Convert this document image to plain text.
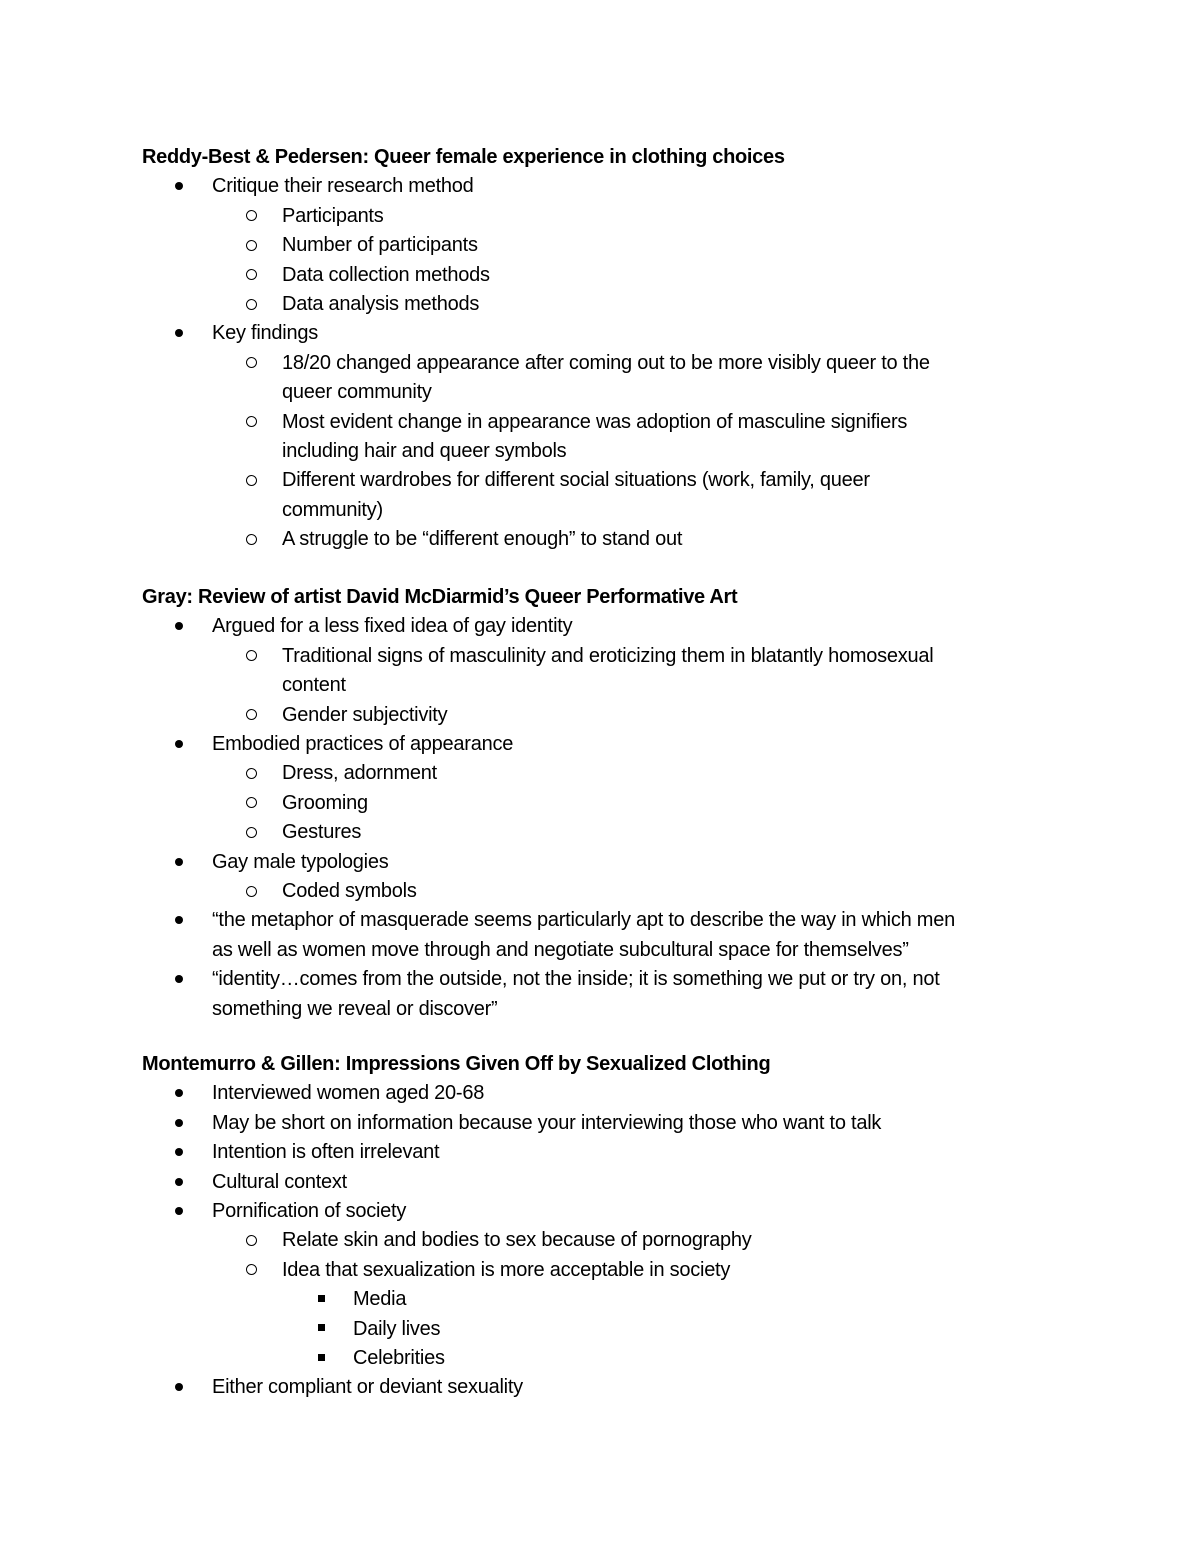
Reddy-Best & Pedersen: Queer female experience in clothing choices
Critique their research method
Participants
Number of participants
Data collection methods
Data analysis methods
Key findings
18/20 changed appearance after coming out to be more visibly queer to the
queer community
Most evident change in appearance was adoption of masculine signifiers
including hair and queer symbols
Different wardrobes for different social situations (work, family, queer
community)
A struggle to be “different enough” to stand out
Gray: Review of artist David McDiarmid’s Queer Performative Art
Argued for a less fixed idea of gay identity
Traditional signs of masculinity and eroticizing them in blatantly homosexual
content
Gender subjectivity
Embodied practices of appearance
Dress, adornment
Grooming
Gestures
Gay male typologies
Coded symbols
“the metaphor of masquerade seems particularly apt to describe the way in which men
as well as women move through and negotiate subcultural space for themselves”
“identity…comes from the outside, not the inside; it is something we put or try on, not
something we reveal or discover”
Montemurro & Gillen: Impressions Given Off by Sexualized Clothing
Interviewed women aged 20-68
May be short on information because your interviewing those who want to talk
Intention is often irrelevant
Cultural context
Pornification of society
Relate skin and bodies to sex because of pornography
Idea that sexualization is more acceptable in society
Media
Daily lives
Celebrities
Either compliant or deviant sexuality
